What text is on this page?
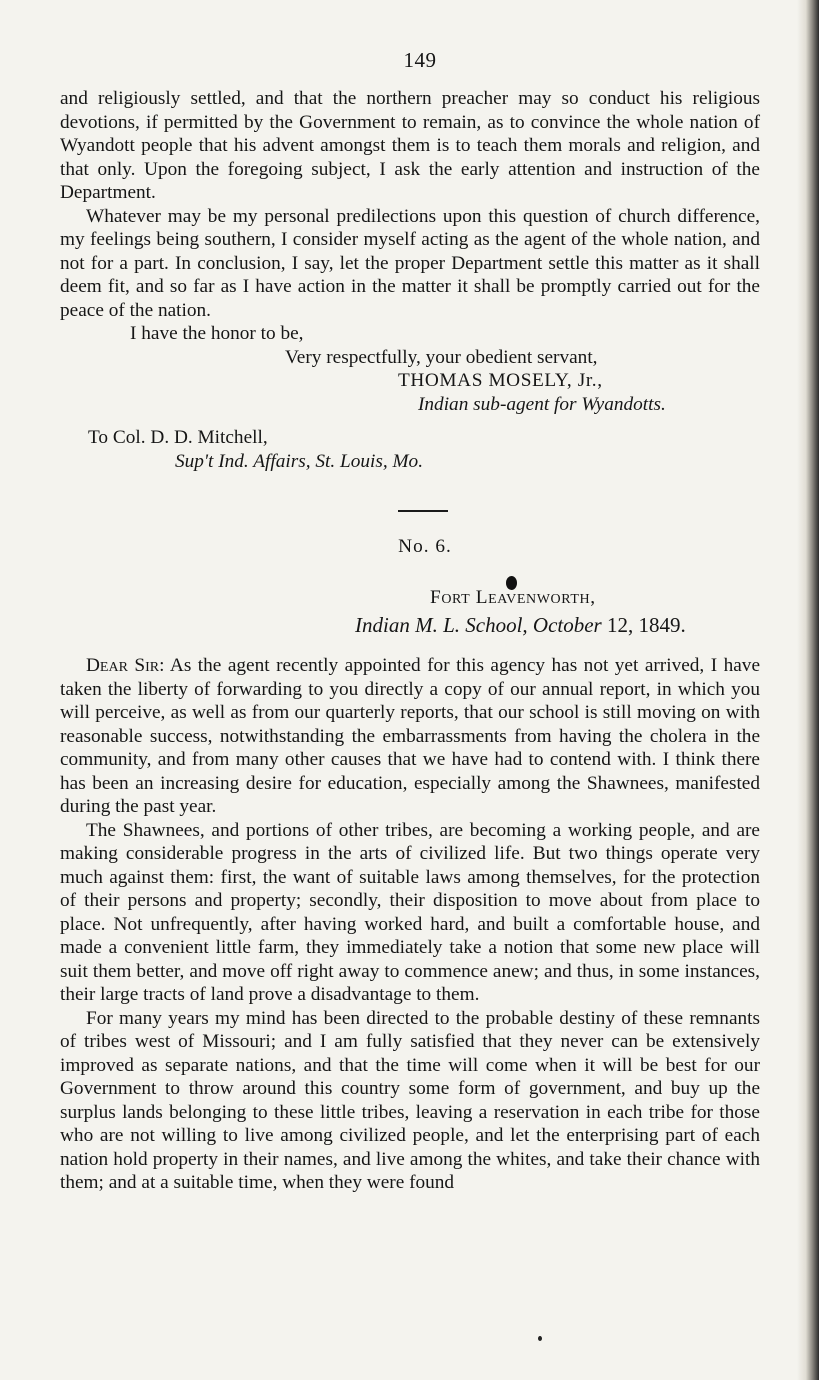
149

and religiously settled, and that the northern preacher may so conduct his religious devotions, if permitted by the Government to remain, as to convince the whole nation of Wyandott people that his advent amongst them is to teach them morals and religion, and that only. Upon the foregoing subject, I ask the early attention and instruction of the Department.

Whatever may be my personal predilections upon this question of church difference, my feelings being southern, I consider myself acting as the agent of the whole nation, and not for a part. In conclusion, I say, let the proper Department settle this matter as it shall deem fit, and so far as I have action in the matter it shall be promptly carried out for the peace of the nation.

I have the honor to be,

Very respectfully, your obedient servant,

THOMAS MOSELY, Jr.,

Indian sub-agent for Wyandotts.

To Col. D. D. Mitchell,
Sup't Ind. Affairs, St. Louis, Mo.
No. 6.
Fort Leavenworth,
Indian M. L. School, October 12, 1849.

Dear Sir: As the agent recently appointed for this agency has not yet arrived, I have taken the liberty of forwarding to you directly a copy of our annual report, in which you will perceive, as well as from our quarterly reports, that our school is still moving on with reasonable success, notwithstanding the embarrassments from having the cholera in the community, and from many other causes that we have had to contend with. I think there has been an increasing desire for education, especially among the Shawnees, manifested during the past year.

The Shawnees, and portions of other tribes, are becoming a working people, and are making considerable progress in the arts of civilized life. But two things operate very much against them: first, the want of suitable laws among themselves, for the protection of their persons and property; secondly, their disposition to move about from place to place. Not unfrequently, after having worked hard, and built a comfortable house, and made a convenient little farm, they immediately take a notion that some new place will suit them better, and move off right away to commence anew; and thus, in some instances, their large tracts of land prove a disadvantage to them.

For many years my mind has been directed to the probable destiny of these remnants of tribes west of Missouri; and I am fully satisfied that they never can be extensively improved as separate nations, and that the time will come when it will be best for our Government to throw around this country some form of government, and buy up the surplus lands belonging to these little tribes, leaving a reservation in each tribe for those who are not willing to live among civilized people, and let the enterprising part of each nation hold property in their names, and live among the whites, and take their chance with them; and at a suitable time, when they were found
